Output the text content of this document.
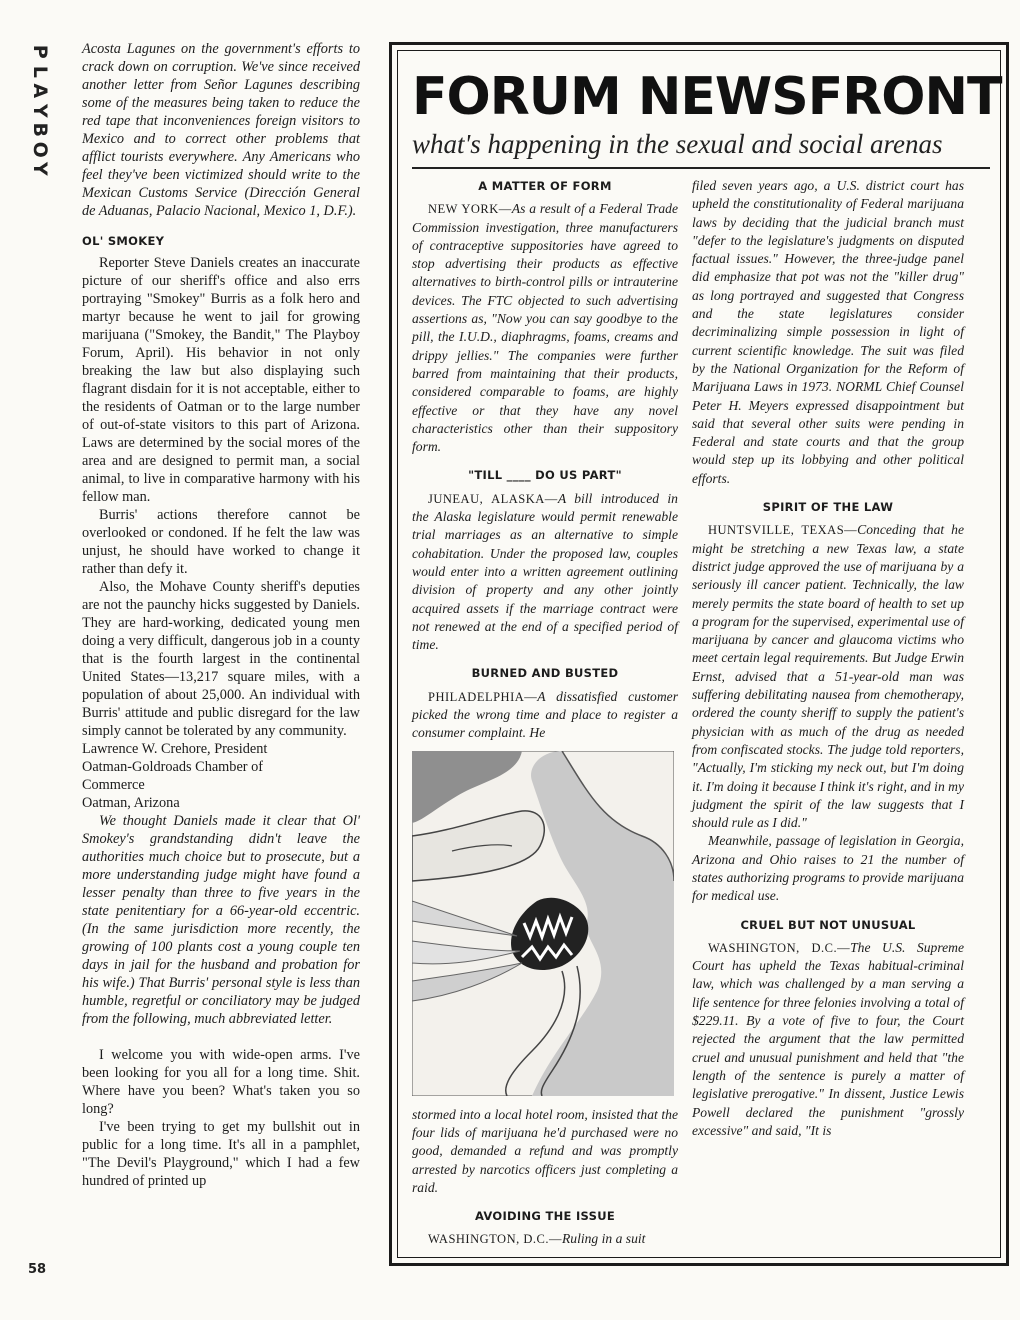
P
L
A
Y
B
O
Y
58

Acosta Lagunes on the government's efforts to crack down on corruption. We've since received another letter from Señor Lagunes describing some of the measures being taken to reduce the red tape that inconveniences foreign visitors to Mexico and to correct other problems that afflict tourists everywhere. Any Americans who feel they've been victimized should write to the Mexican Customs Service (Dirección General de Aduanas, Palacio Nacional, Mexico 1, D.F.).

OL' SMOKEY

Reporter Steve Daniels creates an inaccurate picture of our sheriff's office and also errs portraying "Smokey" Burris as a folk hero and martyr because he went to jail for growing marijuana ("Smokey, the Bandit," The Playboy Forum, April). His behavior in not only breaking the law but also displaying such flagrant disdain for it is not acceptable, either to the residents of Oatman or to the large number of out-of-state visitors to this part of Arizona. Laws are determined by the social mores of the area and are designed to permit man, a social animal, to live in comparative harmony with his fellow man.

Burris' actions therefore cannot be overlooked or condoned. If he felt the law was unjust, he should have worked to change it rather than defy it.

Also, the Mohave County sheriff's deputies are not the paunchy hicks suggested by Daniels. They are hard-working, dedicated young men doing a very difficult, dangerous job in a county that is the fourth largest in the continental United States—13,217 square miles, with a population of about 25,000. An individual with Burris' attitude and public disregard for the law simply cannot be tolerated by any community.

Lawrence W. Crehore, President

Oatman-Goldroads Chamber of

Commerce

Oatman, Arizona

We thought Daniels made it clear that Ol' Smokey's grandstanding didn't leave the authorities much choice but to prosecute, but a more understanding judge might have found a lesser penalty than three to five years in the state penitentiary for a 66-year-old eccentric. (In the same jurisdiction more recently, the growing of 100 plants cost a young couple ten days in jail for the husband and probation for his wife.) That Burris' personal style is less than humble, regretful or conciliatory may be judged from the following, much abbreviated letter.

I welcome you with wide-open arms. I've been looking for you all for a long time. Shit. Where have you been? What's taken you so long?

I've been trying to get my bullshit out in public for a long time. It's all in a pamphlet, "The Devil's Playground," which I had a few hundred of printed up

FORUM NEWSFRONT
what's happening in the sexual and social arenas
A MATTER OF FORM

NEW YORK—As a result of a Federal Trade Commission investigation, three manufacturers of contraceptive suppositories have agreed to stop advertising their products as effective alternatives to birth-control pills or intrauterine devices. The FTC objected to such advertising assertions as, "Now you can say goodbye to the pill, the I.U.D., diaphragms, foams, creams and drippy jellies." The companies were further barred from maintaining that their products, considered comparable to foams, are highly effective or that they have any novel characteristics other than their suppository form.

"TILL ____ DO US PART"

JUNEAU, ALASKA—A bill introduced in the Alaska legislature would permit renewable trial marriages as an alternative to simple cohabitation. Under the proposed law, couples would enter into a written agreement outlining division of property and any other jointly acquired assets if the marriage contract were not renewed at the end of a specified period of time.

BURNED AND BUSTED

PHILADELPHIA—A dissatisfied customer picked the wrong time and place to register a consumer complaint. He

stormed into a local hotel room, insisted that the four lids of marijuana he'd purchased were no good, demanded a refund and was promptly arrested by narcotics officers just completing a raid.

AVOIDING THE ISSUE

WASHINGTON, D.C.—Ruling in a suit

filed seven years ago, a U.S. district court has upheld the constitutionality of Federal marijuana laws by deciding that the judicial branch must "defer to the legislature's judgments on disputed factual issues." However, the three-judge panel did emphasize that pot was not the "killer drug" as long portrayed and suggested that Congress and the state legislatures consider decriminalizing simple possession in light of current scientific knowledge. The suit was filed by the National Organization for the Reform of Marijuana Laws in 1973. NORML Chief Counsel Peter H. Meyers expressed disappointment but said that several other suits were pending in Federal and state courts and that the group would step up its lobbying and other political efforts.

SPIRIT OF THE LAW

HUNTSVILLE, TEXAS—Conceding that he might be stretching a new Texas law, a state district judge approved the use of marijuana by a seriously ill cancer patient. Technically, the law merely permits the state board of health to set up a program for the supervised, experimental use of marijuana by cancer and glaucoma victims who meet certain legal requirements. But Judge Erwin Ernst, advised that a 51-year-old man was suffering debilitating nausea from chemotherapy, ordered the county sheriff to supply the patient's physician with as much of the drug as needed from confiscated stocks. The judge told reporters, "Actually, I'm sticking my neck out, but I'm doing it. I'm doing it because I think it's right, and in my judgment the spirit of the law suggests that I should rule as I did."

Meanwhile, passage of legislation in Georgia, Arizona and Ohio raises to 21 the number of states authorizing programs to provide marijuana for medical use.

CRUEL BUT NOT UNUSUAL

WASHINGTON, D.C.—The U.S. Supreme Court has upheld the Texas habitual-criminal law, which was challenged by a man serving a life sentence for three felonies involving a total of $229.11. By a vote of five to four, the Court rejected the argument that the law permitted cruel and unusual punishment and held that "the length of the sentence is purely a matter of legislative prerogative." In dissent, Justice Lewis Powell declared the punishment "grossly excessive" and said, "It is
